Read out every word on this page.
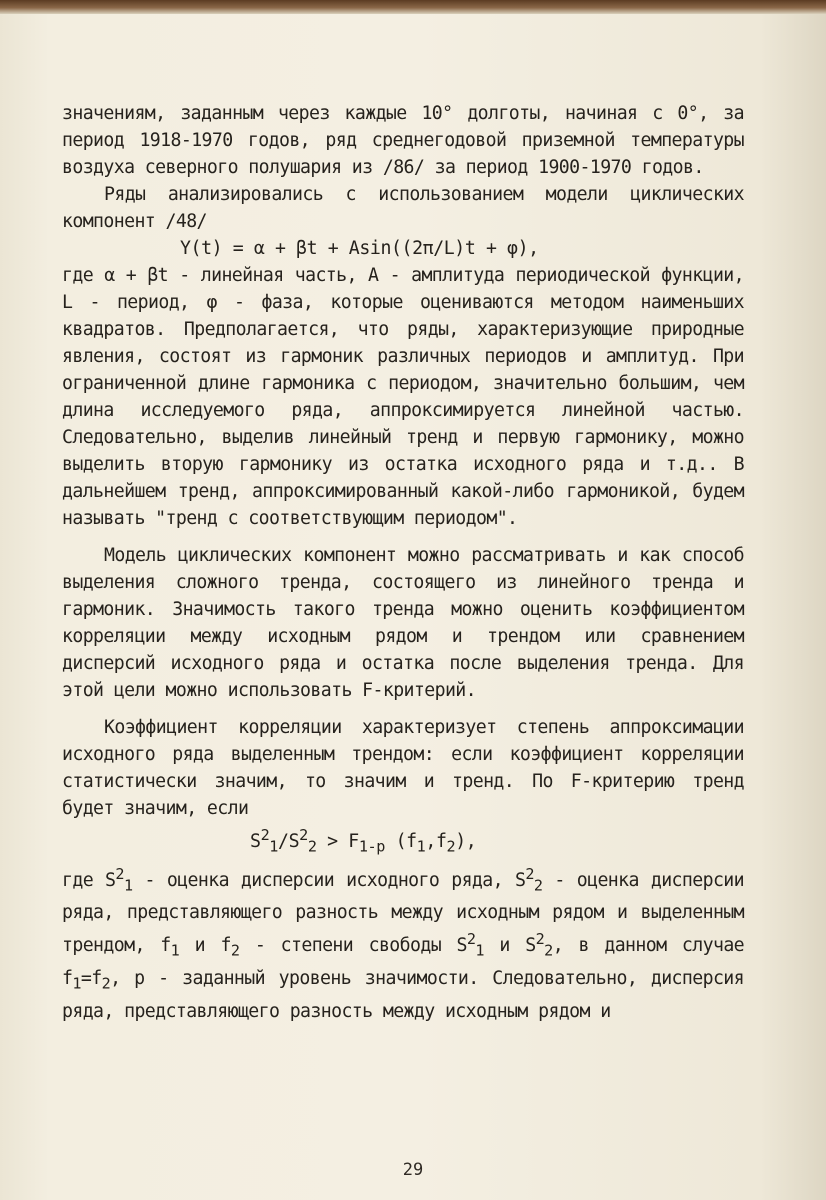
значениям, заданным через каждые 10° долготы, начиная с 0°, за период 1918-1970 годов, ряд среднегодовой приземной температуры воздуха северного полушария из /86/ за период 1900-1970 годов.

Ряды анализировались с использованием модели циклических компонент /48/

Y(t) = α + βt + Asin((2π/L)t + φ),

где α + βt - линейная часть, A - амплитуда периодической функции, L - период, φ - фаза, которые оцениваются методом наименьших квадратов. Предполагается, что ряды, характеризующие природные явления, состоят из гармоник различных периодов и амплитуд. При ограниченной длине гармоника с периодом, значительно большим, чем длина исследуемого ряда, аппроксимируется линейной частью. Следовательно, выделив линейный тренд и первую гармонику, можно выделить вторую гармонику из остатка исходного ряда и т.д.. В дальнейшем тренд, аппроксимированный какой-либо гармоникой, будем называть "тренд с соответствующим периодом".

Модель циклических компонент можно рассматривать и как способ выделения сложного тренда, состоящего из линейного тренда и гармоник. Значимость такого тренда можно оценить коэффициентом корреляции между исходным рядом и трендом или сравнением дисперсий исходного ряда и остатка после выделения тренда. Для этой цели можно использовать F-критерий.

Коэффициент корреляции характеризует степень аппроксимации исходного ряда выделенным трендом: если коэффициент корреляции статистически значим, то значим и тренд. По F-критерию тренд будет значим, если

$S^2_1/S^2_2 > F_{1-p}$ $(f_1,f_2)$,

где $S^2_1$ - оценка дисперсии исходного ряда, $S^2_2$ - оценка дисперсии ряда, представляющего разность между исходным рядом и выделенным трендом, $f_1$ и $f_2$ - степени свободы $S^2_1$ и $S^2_2$, в данном случае $f_1=f_2$, p - заданный уровень значимости. Следовательно, дисперсия ряда, представляющего разность между исходным рядом и

29
